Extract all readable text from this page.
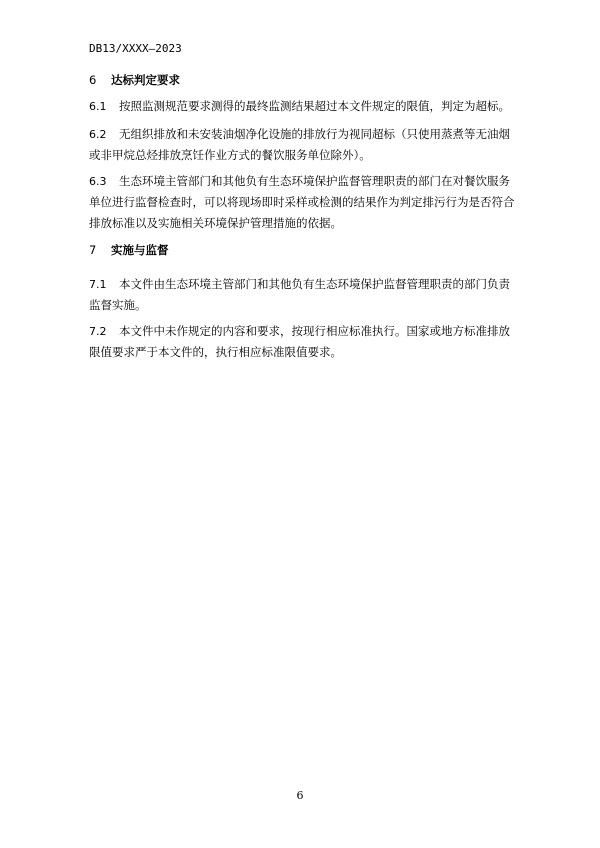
DB13/XXXX—2023
6 达标判定要求
6.1 按照监测规范要求测得的最终监测结果超过本文件规定的限值，判定为超标。
6.2 无组织排放和未安装油烟净化设施的排放行为视同超标（只使用蒸煮等无油烟或非甲烷总烃排放烹饪作业方式的餐饮服务单位除外）。
6.3 生态环境主管部门和其他负有生态环境保护监督管理职责的部门在对餐饮服务单位进行监督检查时，可以将现场即时采样或检测的结果作为判定排污行为是否符合排放标准以及实施相关环境保护管理措施的依据。
7 实施与监督
7.1 本文件由生态环境主管部门和其他负有生态环境保护监督管理职责的部门负责监督实施。
7.2 本文件中未作规定的内容和要求，按现行相应标准执行。国家或地方标准排放限值要求严于本文件的，执行相应标准限值要求。
6
